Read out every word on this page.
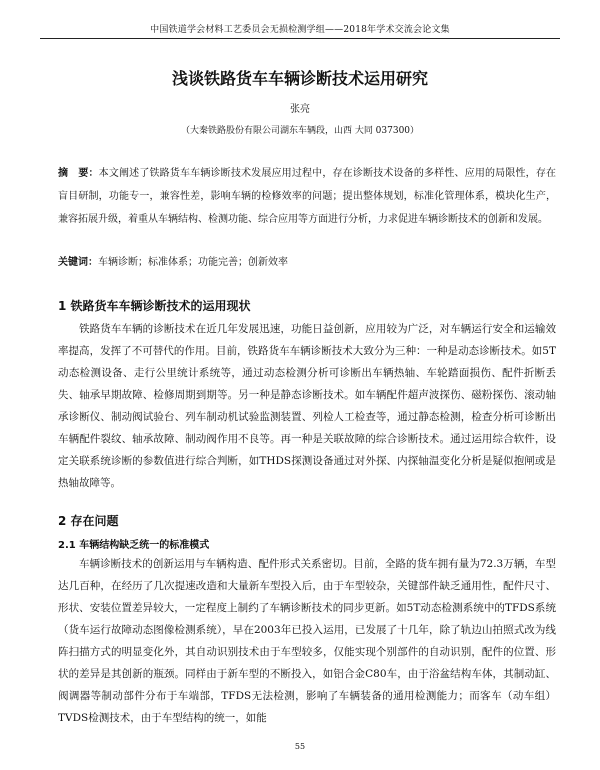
中国铁道学会材料工艺委员会无损检测学组——2018年学术交流会论文集
浅谈铁路货车车辆诊断技术运用研究
张亮
（大秦铁路股份有限公司湖东车辆段，山西 大同 037300）
摘　要：本文阐述了铁路货车车辆诊断技术发展应用过程中，存在诊断技术设备的多样性、应用的局限性，存在盲目研制，功能专一，兼容性差，影响车辆的检修效率的问题；提出整体规划，标准化管理体系，模块化生产，兼容拓展升级，着重从车辆结构、检测功能、综合应用等方面进行分析，力求促进车辆诊断技术的创新和发展。
关键词：车辆诊断；标准体系；功能完善；创新效率
1 铁路货车车辆诊断技术的运用现状
铁路货车车辆的诊断技术在近几年发展迅速，功能日益创新，应用较为广泛，对车辆运行安全和运输效率提高，发挥了不可替代的作用。目前，铁路货车车辆诊断技术大致分为三种：一种是动态诊断技术。如5T动态检测设备、走行公里统计系统等，通过动态检测分析可诊断出车辆热轴、车轮踏面损伤、配件折断丢失、轴承早期故障、检修周期到期等。另一种是静态诊断技术。如车辆配件超声波探伤、磁粉探伤、滚动轴承诊断仪、制动阀试验台、列车制动机试验监测装置、列检人工检查等，通过静态检测，检查分析可诊断出车辆配件裂纹、轴承故障、制动阀作用不良等。再一种是关联故障的综合诊断技术。通过运用综合软件，设定关联系统诊断的参数值进行综合判断，如THDS探测设备通过对外探、内探轴温变化分析是疑似抱闸或是热轴故障等。
2 存在问题
2.1 车辆结构缺乏统一的标准模式
车辆诊断技术的创新运用与车辆构造、配件形式关系密切。目前，全路的货车拥有量为72.3万辆，车型达几百种，在经历了几次提速改造和大量新车型投入后，由于车型较杂，关键部件缺乏通用性，配件尺寸、形状、安装位置差异较大，一定程度上制约了车辆诊断技术的同步更新。如5T动态检测系统中的TFDS系统（货车运行故障动态图像检测系统），早在2003年已投入运用，已发展了十几年，除了轨边山拍照式改为线阵扫描方式的明显变化外，其自动识别技术由于车型较多，仅能实现个别部件的自动识别，配件的位置、形状的差异是其创新的瓶颈。同样由于新车型的不断投入，如铝合金C80车，由于浴盆结构车体，其制动缸、阀调器等制动部件分布于车端部，TFDS无法检测，影响了车辆装备的通用检测能力；而客车（动车组）TVDS检测技术，由于车型结构的统一，如能
55
